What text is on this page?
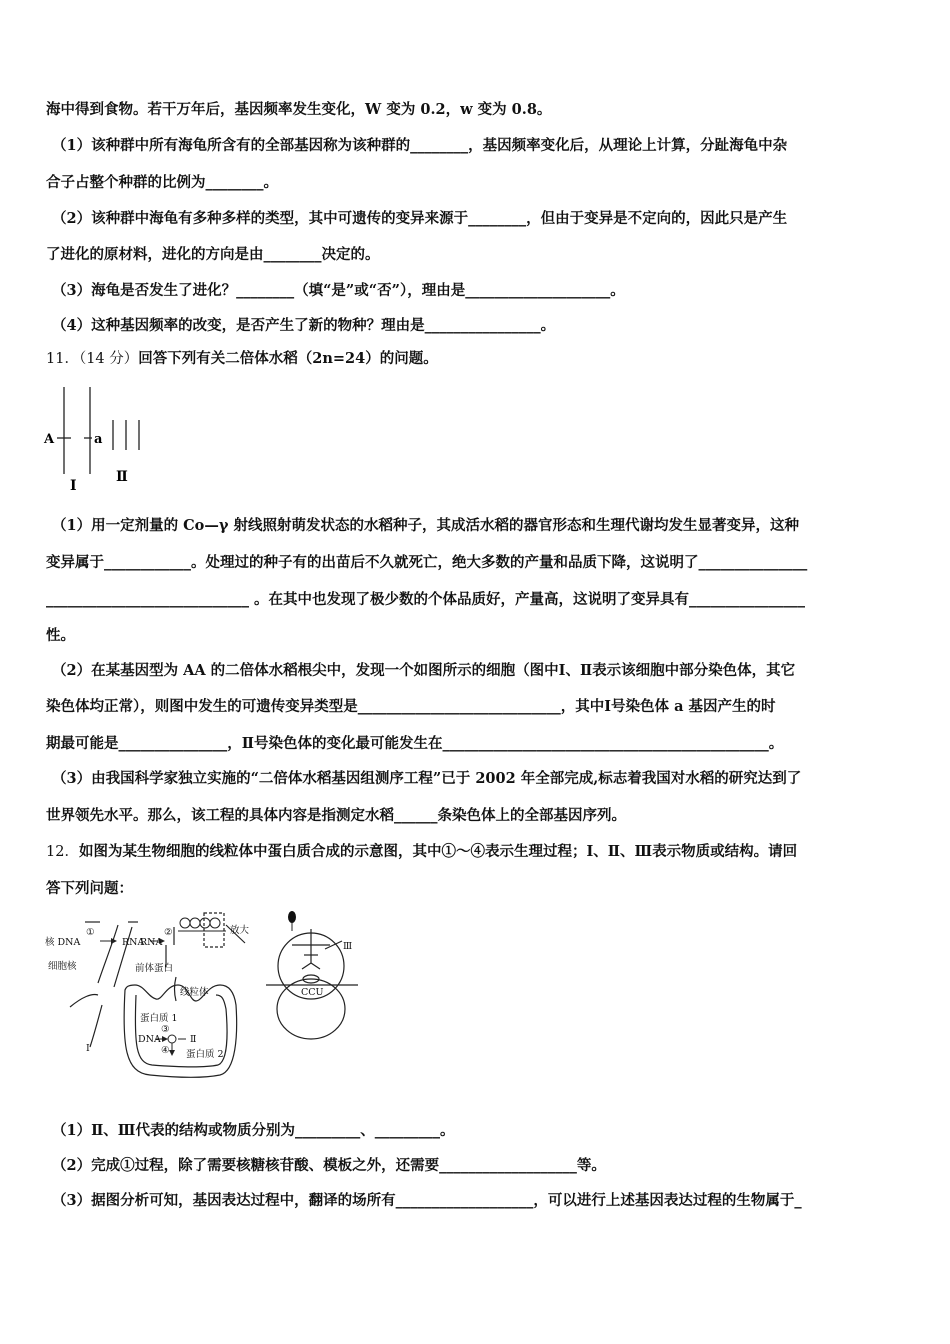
海中得到食物。若干万年后，基因频率发生变化，W 变为 0.2，w 变为 0.8。
（1）该种群中所有海龟所含有的全部基因称为该种群的________，基因频率变化后，从理论上计算，分趾海龟中杂
合子占整个种群的比例为________。
（2）该种群中海龟有多种多样的类型，其中可遗传的变异来源于________，但由于变异是不定向的，因此只是产生
了进化的原材料，进化的方向是由________决定的。
（3）海龟是否发生了进化？________（填“是”或“否”），理由是____________________。
（4）这种基因频率的改变，是否产生了新的物种？理由是________________。
11．（14 分）回答下列有关二倍体水稻（2n=24）的问题。
A	a
Ⅰ
Ⅱ
（1）用一定剂量的 Co—γ 射线照射萌发状态的水稻种子，其成活水稻的器官形态和生理代谢均发生显著变异，这种
变异属于____________。处理过的种子有的出苗后不久就死亡，绝大多数的产量和品质下降，这说明了_______________
____________________________ 。在其中也发现了极少数的个体品质好，产量高，这说明了变异具有________________
性。
（2）在某基因型为 AA 的二倍体水稻根尖中，发现一个如图所示的细胞（图中Ⅰ、Ⅱ表示该细胞中部分染色体，其它
染色体均正常），则图中发生的可遗传变异类型是____________________________，其中Ⅰ号染色体 a 基因产生的时
期最可能是_______________，Ⅱ号染色体的变化最可能发生在_____________________________________________。
（3）由我国科学家独立实施的“二倍体水稻基因组测序工程”已于 2002 年全部完成,标志着我国对水稻的研究达到了
世界领先水平。那么，该工程的具体内容是指测定水稻______条染色体上的全部基因序列。
12．如图为某生物细胞的线粒体中蛋白质合成的示意图，其中①～④表示生理过程；Ⅰ、Ⅱ、Ⅲ表示物质或结构。请回
答下列问题：
①	②
核 DNA	RNA
RNA
细胞核	前体蛋白
线粒体
蛋白质 1
DNA
③
④
Ⅱ
蛋白质 2
Ⅰ
放大
Ⅲ
CCU
（1）Ⅱ、Ⅲ代表的结构或物质分别为_________、_________。
（2）完成①过程，除了需要核糖核苷酸、模板之外，还需要___________________等。
（3）据图分析可知，基因表达过程中，翻译的场所有___________________，可以进行上述基因表达过程的生物属于_
